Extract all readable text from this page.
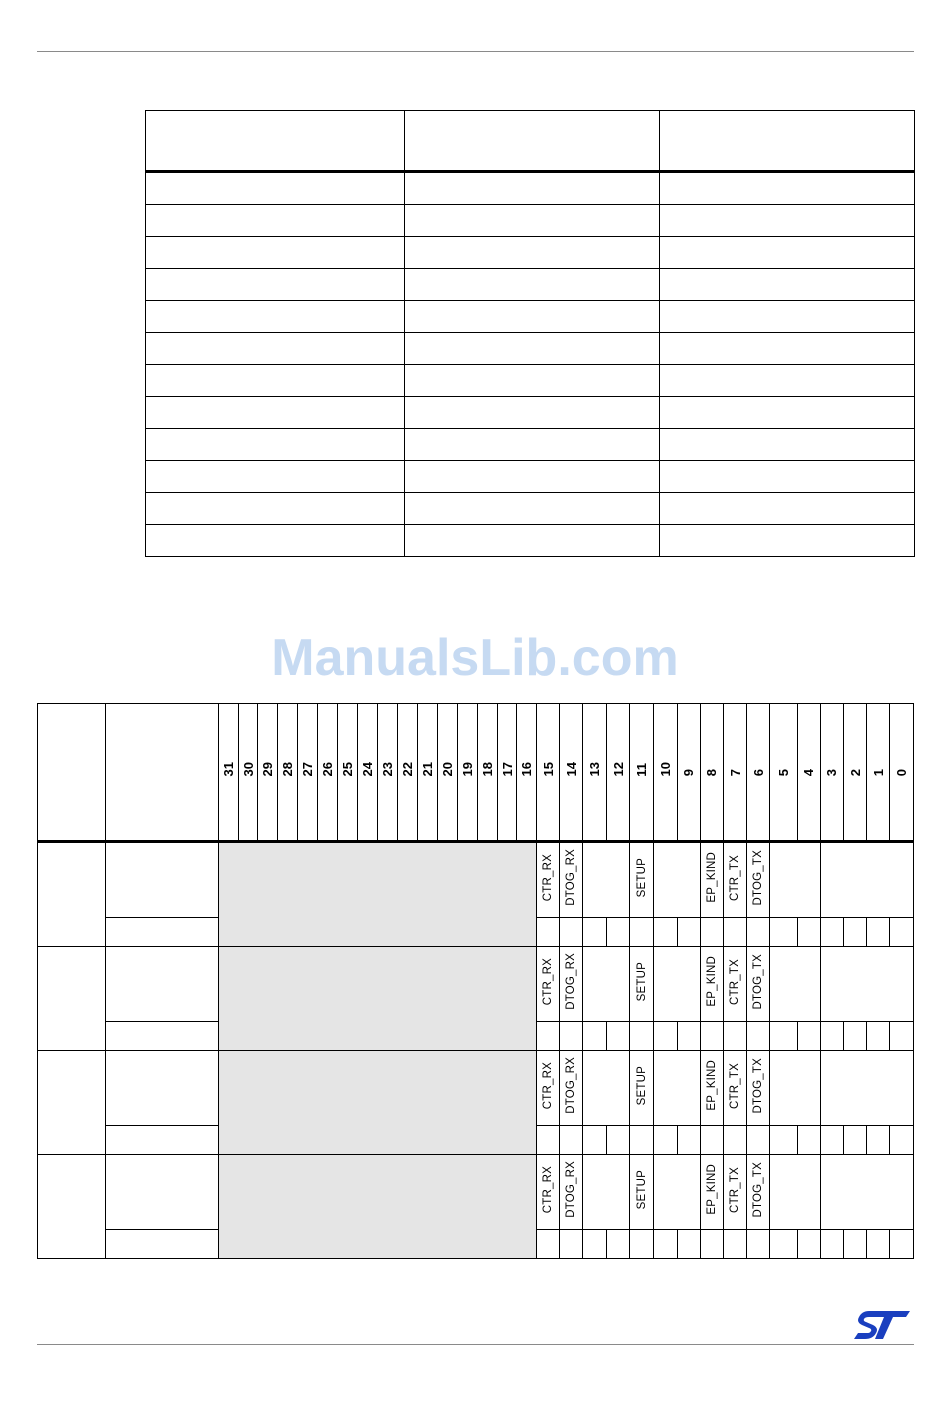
ManualsLib.com
		31	30	29	28	27	26	25	24	23	22	21	20	19	18	17	16	15	14	13	12	11	10	9	8	7	6	5	4	3	2	1	0
																		CTR_RX	DTOG_RX			SETUP			EP_KIND	CTR_TX	DTOG_TX						

																		CTR_RX	DTOG_RX			SETUP			EP_KIND	CTR_TX	DTOG_TX						

																		CTR_RX	DTOG_RX			SETUP			EP_KIND	CTR_TX	DTOG_TX						

																		CTR_RX	DTOG_RX			SETUP			EP_KIND	CTR_TX	DTOG_TX						
